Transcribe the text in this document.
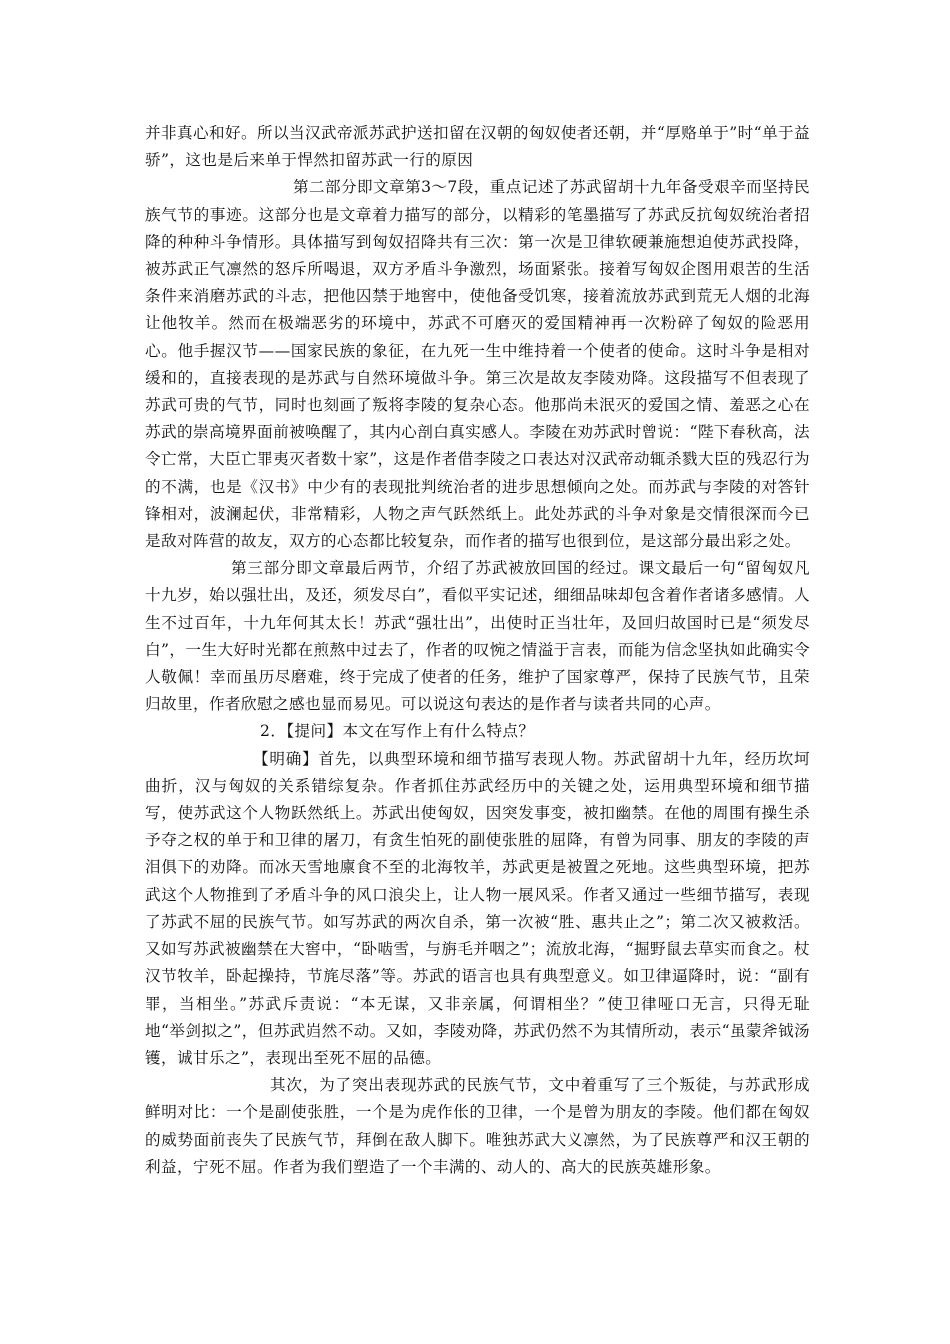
并非真心和好。所以当汉武帝派苏武护送扣留在汉朝的匈奴使者还朝，并“厚赂单于”时“单于益骄”，这也是后来单于悍然扣留苏武一行的原因

第二部分即文章第3～7段，重点记述了苏武留胡十九年备受艰辛而坚持民族气节的事迹。这部分也是文章着力描写的部分，以精彩的笔墨描写了苏武反抗匈奴统治者招降的种种斗争情形。具体描写到匈奴招降共有三次：第一次是卫律软硬兼施想迫使苏武投降，被苏武正气凛然的怒斥所喝退，双方矛盾斗争激烈，场面紧张。接着写匈奴企图用艰苦的生活条件来消磨苏武的斗志，把他囚禁于地窖中，使他备受饥寒，接着流放苏武到荒无人烟的北海让他牧羊。然而在极端恶劣的环境中，苏武不可磨灭的爱国精神再一次粉碎了匈奴的险恶用心。他手握汉节——国家民族的象征，在九死一生中维持着一个使者的使命。这时斗争是相对缓和的，直接表现的是苏武与自然环境做斗争。第三次是故友李陵劝降。这段描写不但表现了苏武可贵的气节，同时也刻画了叛将李陵的复杂心态。他那尚未泯灭的爱国之情、羞恶之心在苏武的崇高境界面前被唤醒了，其内心剖白真实感人。李陵在劝苏武时曾说：“陛下春秋高，法令亡常，大臣亡罪夷灭者数十家”，这是作者借李陵之口表达对汉武帝动辄杀戮大臣的残忍行为的不满，也是《汉书》中少有的表现批判统治者的进步思想倾向之处。而苏武与李陵的对答针锋相对，波澜起伏，非常精彩，人物之声气跃然纸上。此处苏武的斗争对象是交情很深而今已是敌对阵营的故友，双方的心态都比较复杂，而作者的描写也很到位，是这部分最出彩之处。

第三部分即文章最后两节，介绍了苏武被放回国的经过。课文最后一句“留匈奴凡十九岁，始以强壮出，及还，须发尽白”，看似平实记述，细细品味却包含着作者诸多感情。人生不过百年，十九年何其太长！苏武“强壮出”，出使时正当壮年，及回归故国时已是“须发尽白”，一生大好时光都在煎熬中过去了，作者的叹惋之情溢于言表，而能为信念坚执如此确实令人敬佩！幸而虽历尽磨难，终于完成了使者的任务，维护了国家尊严，保持了民族气节，且荣归故里，作者欣慰之感也显而易见。可以说这句表达的是作者与读者共同的心声。

2．【提问】本文在写作上有什么特点？

【明确】首先，以典型环境和细节描写表现人物。苏武留胡十九年，经历坎坷曲折，汉与匈奴的关系错综复杂。作者抓住苏武经历中的关键之处，运用典型环境和细节描写，使苏武这个人物跃然纸上。苏武出使匈奴，因突发事变，被扣幽禁。在他的周围有操生杀予夺之权的单于和卫律的屠刀，有贪生怕死的副使张胜的屈降，有曾为同事、朋友的李陵的声泪俱下的劝降。而冰天雪地廪食不至的北海牧羊，苏武更是被置之死地。这些典型环境，把苏武这个人物推到了矛盾斗争的风口浪尖上，让人物一展风采。作者又通过一些细节描写，表现了苏武不屈的民族气节。如写苏武的两次自杀，第一次被“胜、惠共止之”；第二次又被救活。又如写苏武被幽禁在大窖中，“卧啮雪，与旃毛并咽之”；流放北海，“掘野鼠去草实而食之。杖汉节牧羊，卧起操持，节旄尽落”等。苏武的语言也具有典型意义。如卫律逼降时，说：“副有罪，当相坐。”苏武斥责说：“本无谋，又非亲属，何谓相坐？”使卫律哑口无言，只得无耻地“举剑拟之”，但苏武岿然不动。又如，李陵劝降，苏武仍然不为其情所动，表示“虽蒙斧钺汤镬，诚甘乐之”，表现出至死不屈的品德。

其次，为了突出表现苏武的民族气节，文中着重写了三个叛徒，与苏武形成鲜明对比：一个是副使张胜，一个是为虎作伥的卫律，一个是曾为朋友的李陵。他们都在匈奴的威势面前丧失了民族气节，拜倒在敌人脚下。唯独苏武大义凛然，为了民族尊严和汉王朝的利益，宁死不屈。作者为我们塑造了一个丰满的、动人的、高大的民族英雄形象。
